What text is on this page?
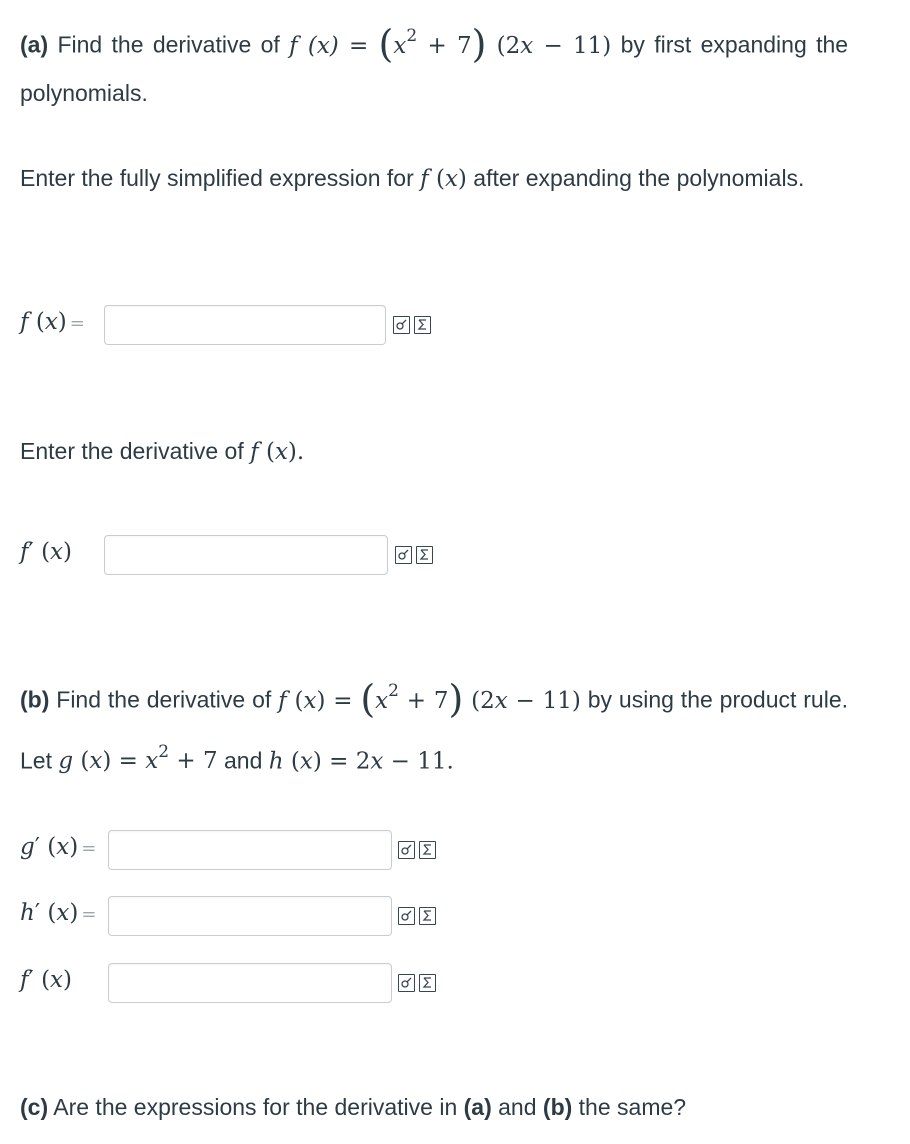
(a) Find the derivative of f $(x) = (x^2 + 7) (2x - 11)$ by first expanding the polynomials.
Enter the fully simplified expression for f (x) after expanding the polynomials.
f (x) =
Enter the derivative of f (x).
f′ (x)
(b) Find the derivative of f $(x) = (x^2 + 7) (2x - 11)$ by using the product rule. Let g $(x) = x^2 + 7$ and h (x) = 2x − 11.
g′ (x) =
h′ (x) =
f′ (x)
(c) Are the expressions for the derivative in (a) and (b) the same?
